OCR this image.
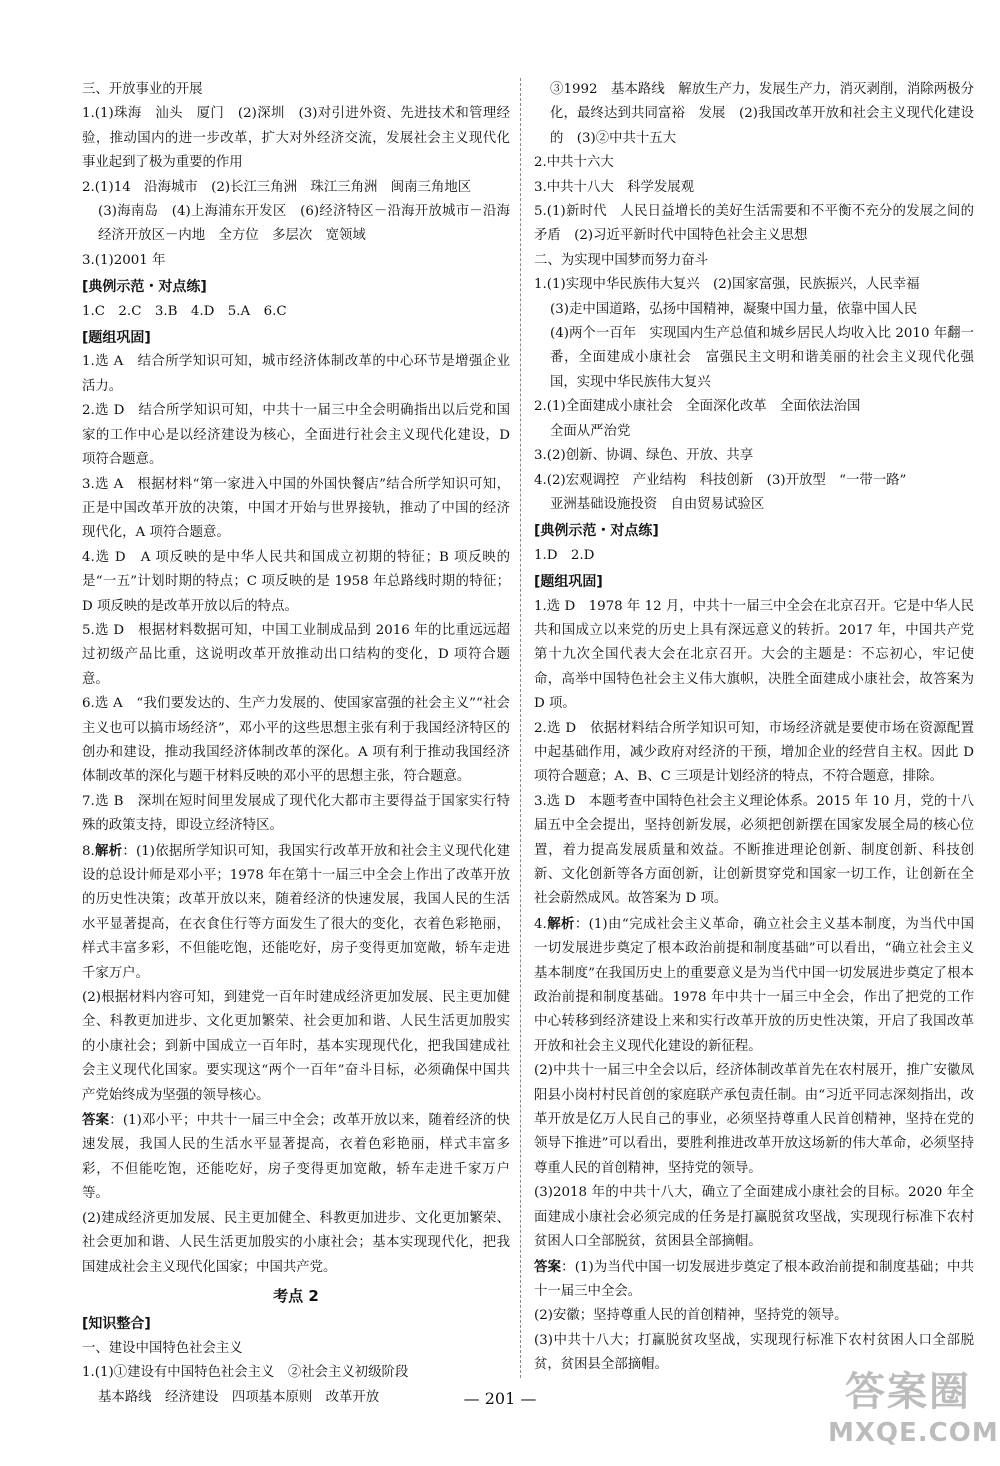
三、开放事业的开展
1.(1)珠海　汕头　厦门　(2)深圳　(3)对引进外资、先进技术和管理经验，推动国内的进一步改革，扩大对外经济交流，发展社会主义现代化事业起到了极为重要的作用
2.(1)14　沿海城市　(2)长江三角洲　珠江三角洲　闽南三角地区
(3)海南岛　(4)上海浦东开发区　(6)经济特区－沿海开放城市－沿海经济开放区－内地　全方位　多层次　宽领域
3.(1)2001 年
[典例示范・对点练]
1.C　2.C　3.B　4.D　5.A　6.C
[题组巩固]
1.选 A　结合所学知识可知，城市经济体制改革的中心环节是增强企业活力。
2.选 D　结合所学知识可知，中共十一届三中全会明确指出以后党和国家的工作中心是以经济建设为核心，全面进行社会主义现代化建设，D 项符合题意。
3.选 A　根据材料“第一家进入中国的外国快餐店”结合所学知识可知，正是中国改革开放的决策，中国才开始与世界接轨，推动了中国的经济现代化，A 项符合题意。
4.选 D　A 项反映的是中华人民共和国成立初期的特征；B 项反映的是“一五”计划时期的特点；C 项反映的是 1958 年总路线时期的特征；D 项反映的是改革开放以后的特点。
5.选 D　根据材料数据可知，中国工业制成品到 2016 年的比重远远超过初级产品比重，这说明改革开放推动出口结构的变化，D 项符合题意。
6.选 A　“我们要发达的、生产力发展的、使国家富强的社会主义”“社会主义也可以搞市场经济”，邓小平的这些思想主张有利于我国经济特区的创办和建设，推动我国经济体制改革的深化。A 项有利于推动我国经济体制改革的深化与题干材料反映的邓小平的思想主张，符合题意。
7.选 B　深圳在短时间里发展成了现代化大都市主要得益于国家实行特殊的政策支持，即设立经济特区。
8.解析：(1)依据所学知识可知，我国实行改革开放和社会主义现代化建设的总设计师是邓小平；1978 年在第十一届三中全会上作出了改革开放的历史性决策；改革开放以来，随着经济的快速发展，我国人民的生活水平显著提高，在衣食住行等方面发生了很大的变化，衣着色彩艳丽，样式丰富多彩，不但能吃饱，还能吃好，房子变得更加宽敞，轿车走进千家万户。
(2)根据材料内容可知，到建党一百年时建成经济更加发展、民主更加健全、科教更加进步、文化更加繁荣、社会更加和谐、人民生活更加殷实的小康社会；到新中国成立一百年时，基本实现现代化，把我国建成社会主义现代化国家。要实现这“两个一百年”奋斗目标，必须确保中国共产党始终成为坚强的领导核心。
答案：(1)邓小平；中共十一届三中全会；改革开放以来，随着经济的快速发展，我国人民的生活水平显著提高，衣着色彩艳丽，样式丰富多彩，不但能吃饱，还能吃好，房子变得更加宽敞，轿车走进千家万户等。
(2)建成经济更加发展、民主更加健全、科教更加进步、文化更加繁荣、社会更加和谐、人民生活更加殷实的小康社会；基本实现现代化，把我国建成社会主义现代化国家；中国共产党。
考点 2
[知识整合]
一、建设中国特色社会主义
1.(1)①建设有中国特色社会主义　②社会主义初级阶段
基本路线　经济建设　四项基本原则　改革开放
③1992　基本路线　解放生产力，发展生产力，消灭剥削，消除两极分化，最终达到共同富裕　发展　(2)我国改革开放和社会主义现代化建设的　(3)②中共十五大
2.中共十六大
3.中共十八大　科学发展观
5.(1)新时代　人民日益增长的美好生活需要和不平衡不充分的发展之间的矛盾　(2)习近平新时代中国特色社会主义思想
二、为实现中国梦而努力奋斗
1.(1)实现中华民族伟大复兴　(2)国家富强，民族振兴，人民幸福
(3)走中国道路，弘扬中国精神，凝聚中国力量，依靠中国人民
(4)两个一百年　实现国内生产总值和城乡居民人均收入比 2010 年翻一番，全面建成小康社会　富强民主文明和谐美丽的社会主义现代化强国，实现中华民族伟大复兴
2.(1)全面建成小康社会　全面深化改革　全面依法治国
全面从严治党
3.(2)创新、协调、绿色、开放、共享
4.(2)宏观调控　产业结构　科技创新　(3)开放型　“一带一路”
亚洲基础设施投资　自由贸易试验区
[典例示范・对点练]
1.D　2.D
[题组巩固]
1.选 D　1978 年 12 月，中共十一届三中全会在北京召开。它是中华人民共和国成立以来党的历史上具有深远意义的转折。2017 年，中国共产党第十九次全国代表大会在北京召开。大会的主题是：不忘初心，牢记使命，高举中国特色社会主义伟大旗帜，决胜全面建成小康社会，故答案为 D 项。
2.选 D　依据材料结合所学知识可知，市场经济就是要使市场在资源配置中起基础作用，减少政府对经济的干预，增加企业的经营自主权。因此 D 项符合题意；A、B、C 三项是计划经济的特点，不符合题意，排除。
3.选 D　本题考查中国特色社会主义理论体系。2015 年 10 月，党的十八届五中全会提出，坚持创新发展，必须把创新摆在国家发展全局的核心位置，着力提高发展质量和效益。不断推进理论创新、制度创新、科技创新、文化创新等各方面创新，让创新贯穿党和国家一切工作，让创新在全社会蔚然成风。故答案为 D 项。
4.解析：(1)由“完成社会主义革命，确立社会主义基本制度，为当代中国一切发展进步奠定了根本政治前提和制度基础”可以看出，“确立社会主义基本制度”在我国历史上的重要意义是为当代中国一切发展进步奠定了根本政治前提和制度基础。1978 年中共十一届三中全会，作出了把党的工作中心转移到经济建设上来和实行改革开放的历史性决策，开启了我国改革开放和社会主义现代化建设的新征程。
(2)中共十一届三中全会以后，经济体制改革首先在农村展开，推广安徽凤阳县小岗村村民首创的家庭联产承包责任制。由“习近平同志深刻指出，改革开放是亿万人民自己的事业，必须坚持尊重人民首创精神，坚持在党的领导下推进”可以看出，要胜利推进改革开放这场新的伟大革命，必须坚持尊重人民的首创精神，坚持党的领导。
(3)2018 年的中共十八大，确立了全面建成小康社会的目标。2020 年全面建成小康社会必须完成的任务是打赢脱贫攻坚战，实现现行标准下农村贫困人口全部脱贫，贫困县全部摘帽。
答案：(1)为当代中国一切发展进步奠定了根本政治前提和制度基础；中共十一届三中全会。
(2)安徽；坚持尊重人民的首创精神，坚持党的领导。
(3)中共十八大；打赢脱贫攻坚战，实现现行标准下农村贫困人口全部脱贫，贫困县全部摘帽。
— 201 —	答案圈
MXQE.COM
